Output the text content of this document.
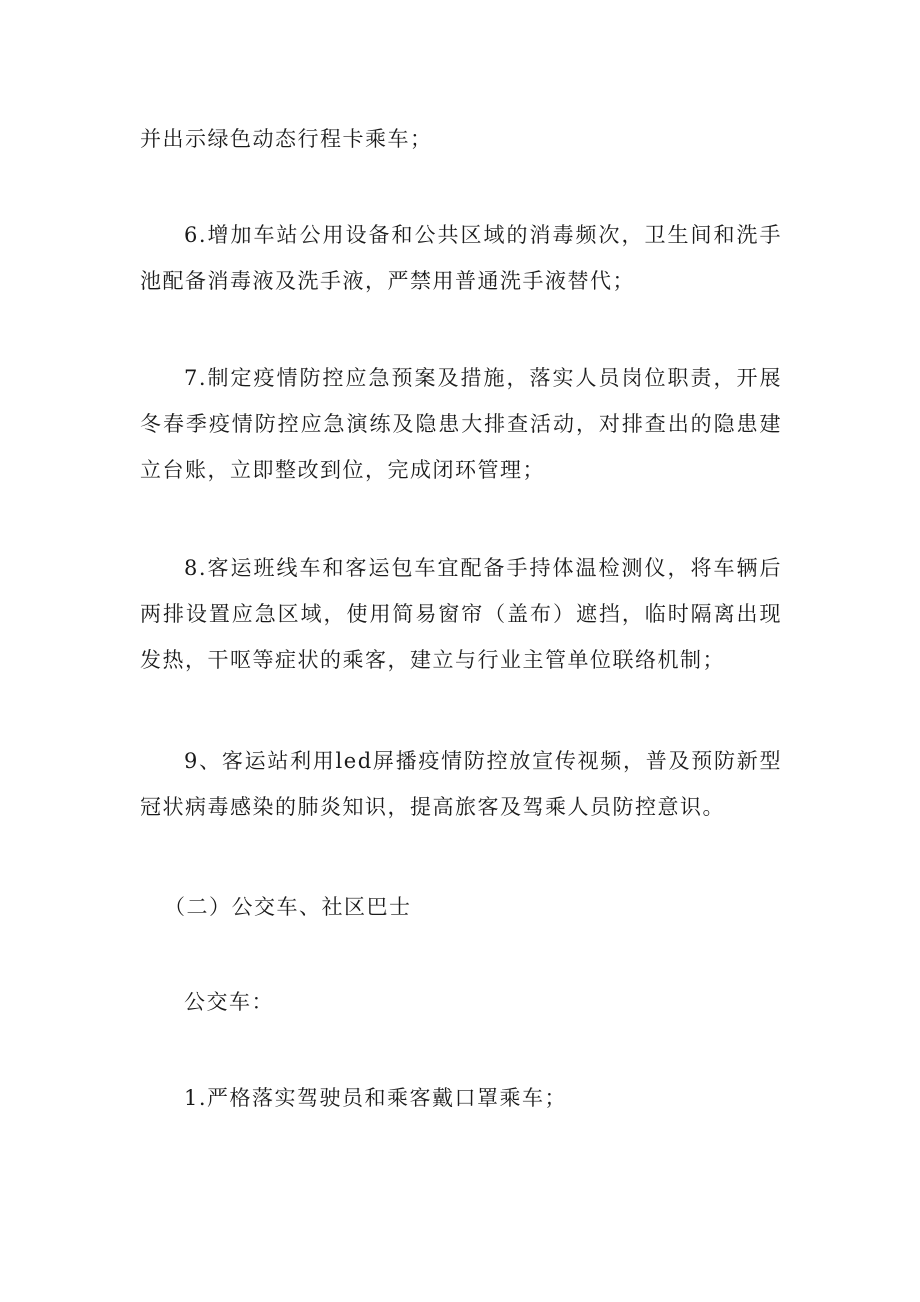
并出示绿色动态行程卡乘车；

6.增加车站公用设备和公共区域的消毒频次，卫生间和洗手池配备消毒液及洗手液，严禁用普通洗手液替代；

7.制定疫情防控应急预案及措施，落实人员岗位职责，开展冬春季疫情防控应急演练及隐患大排查活动，对排查出的隐患建立台账，立即整改到位，完成闭环管理；

8.客运班线车和客运包车宜配备手持体温检测仪，将车辆后两排设置应急区域，使用简易窗帘（盖布）遮挡，临时隔离出现发热，干呕等症状的乘客，建立与行业主管单位联络机制；

9、客运站利用led屏播疫情防控放宣传视频，普及预防新型冠状病毒感染的肺炎知识，提高旅客及驾乘人员防控意识。

（二）公交车、社区巴士

公交车：

1.严格落实驾驶员和乘客戴口罩乘车；
